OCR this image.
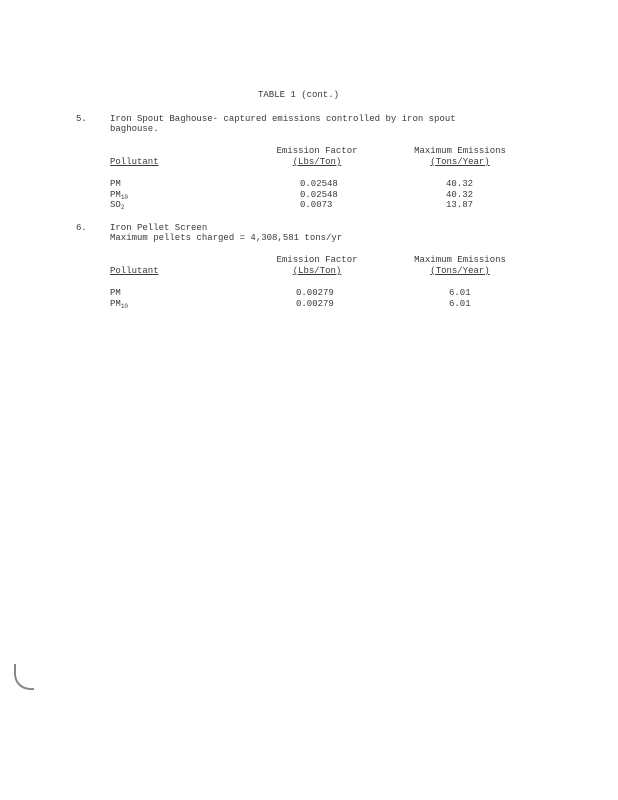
TABLE 1 (cont.)
5.	Iron Spout Baghouse- captured emissions controlled by iron spout
baghouse.
Emission Factor	Maximum Emissions
Pollutant	(Lbs/Ton)	(Tons/Year)
PM	0.02548	40.32
$PM_{10}$	0.02548	40.32
$SO_2$	0.0073	13.87
6.	Iron Pellet Screen
Maximum pellets charged = 4,308,581 tons/yr
Emission Factor	Maximum Emissions
Pollutant	(Lbs/Ton)	(Tons/Year)
PM	0.00279	6.01
$PM_{10}$	0.00279	6.01
